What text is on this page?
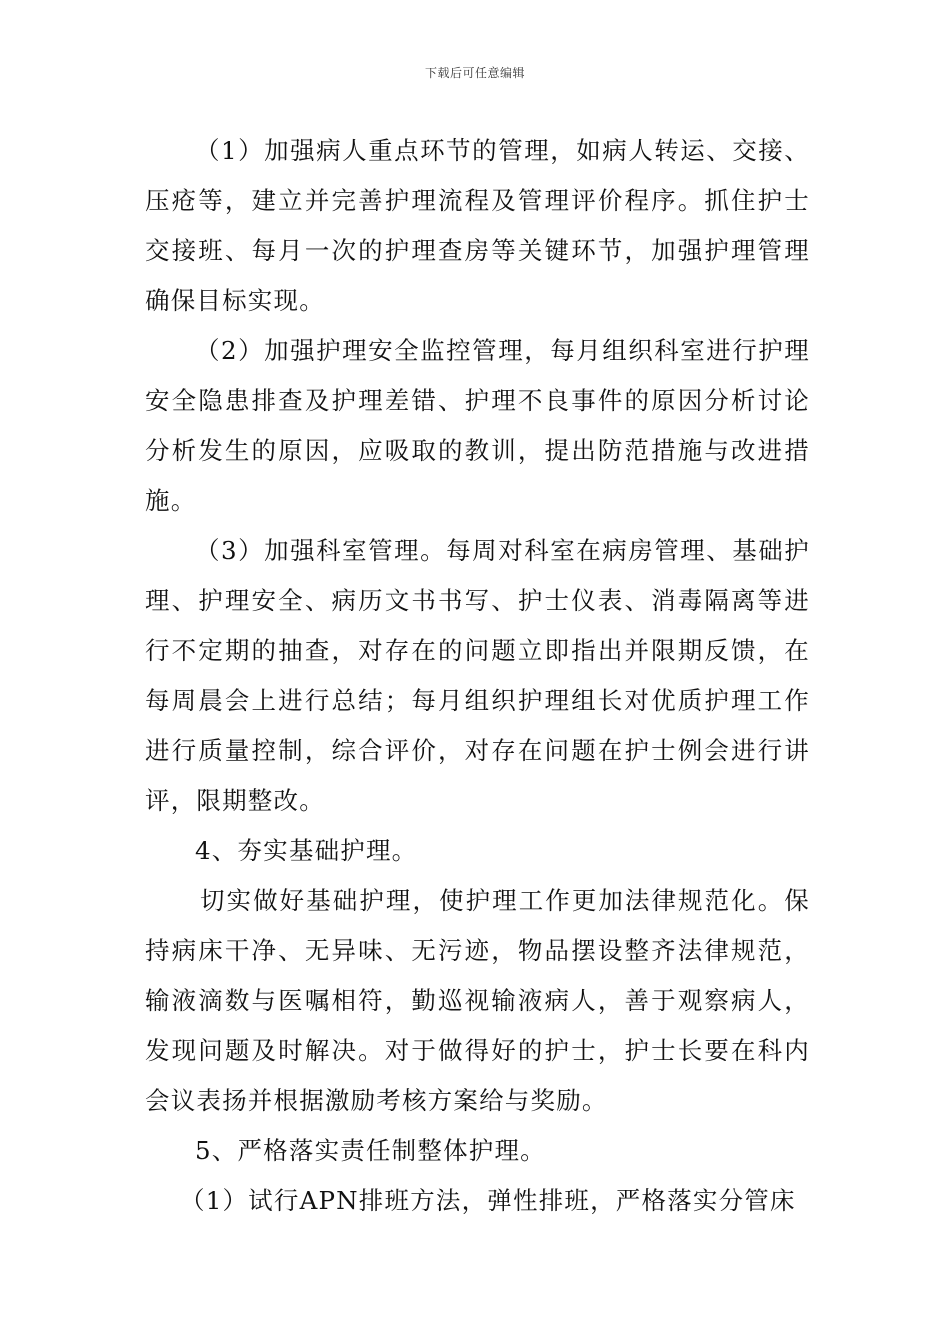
下载后可任意编辑

（1）加强病人重点环节的管理，如病人转运、交接、压疮等，建立并完善护理流程及管理评价程序。抓住护士交接班、每月一次的护理查房等关键环节，加强护理管理确保目标实现。

（2）加强护理安全监控管理，每月组织科室进行护理安全隐患排查及护理差错、护理不良事件的原因分析讨论分析发生的原因，应吸取的教训，提出防范措施与改进措施。

（3）加强科室管理。每周对科室在病房管理、基础护理、护理安全、病历文书书写、护士仪表、消毒隔离等进行不定期的抽查，对存在的问题立即指出并限期反馈，在每周晨会上进行总结；每月组织护理组长对优质护理工作进行质量控制，综合评价，对存在问题在护士例会进行讲评，限期整改。

4、夯实基础护理。

切实做好基础护理，使护理工作更加法律规范化。保持病床干净、无异味、无污迹，物品摆设整齐法律规范，输液滴数与医嘱相符，勤巡视输液病人，善于观察病人，发现问题及时解决。对于做得好的护士，护士长要在科内会议表扬并根据激励考核方案给与奖励。

5、严格落实责任制整体护理。

（1）试行APN排班方法，弹性排班，严格落实分管床
